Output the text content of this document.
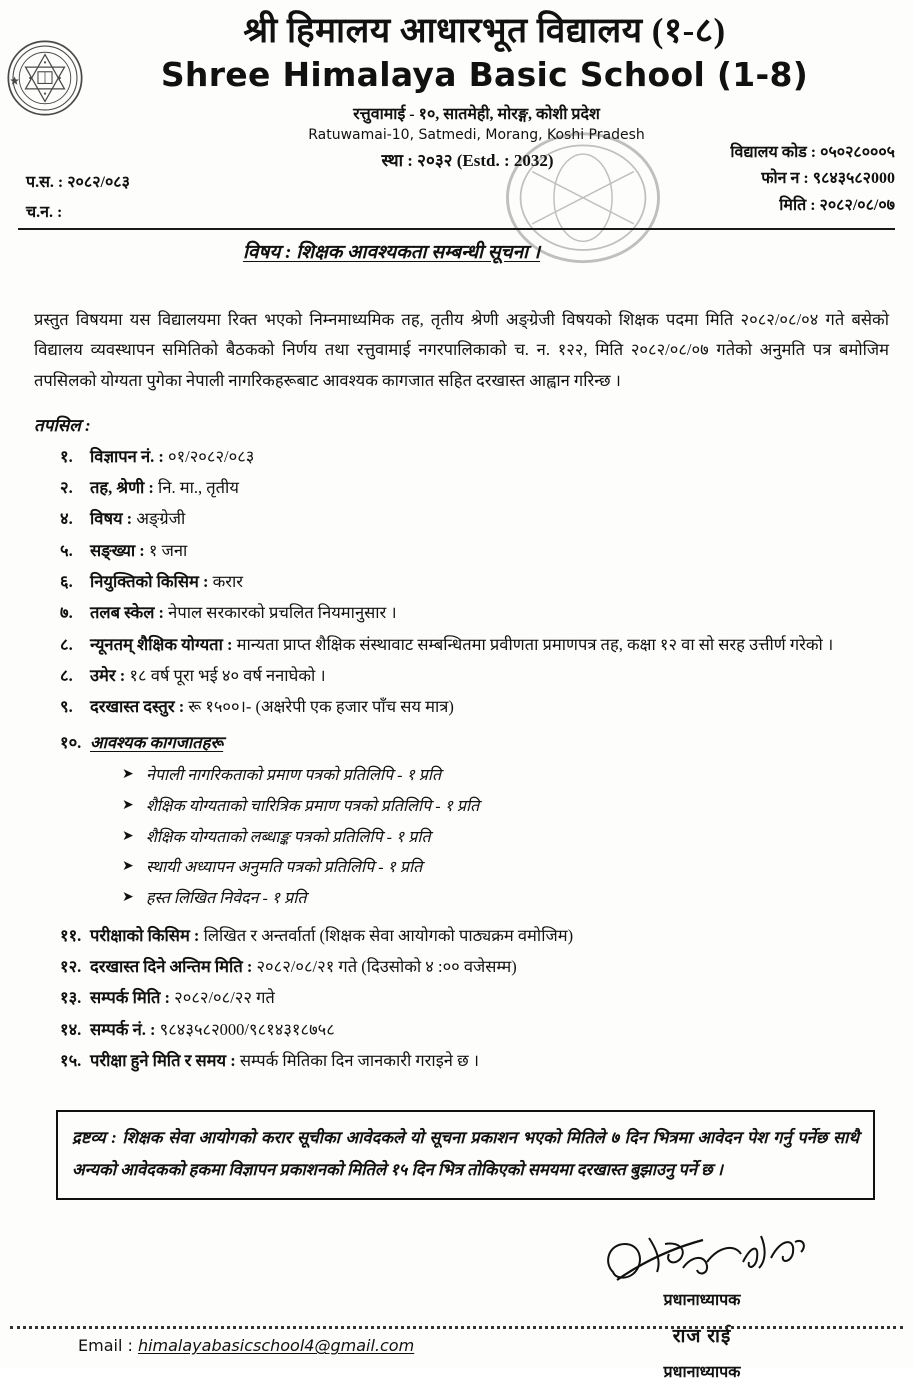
श्री हिमालय आधारभूत विद्यालय (१-८)
Shree Himalaya Basic School (1-8)
रत्तुवामाई - १०, सातमेही, मोरङ्ग, कोशी प्रदेश
Ratuwamai-10, Satmedi, Morang, Koshi Pradesh
स्था : २०३२ (Estd. : 2032)	विद्यालय कोड : ०५०२८०००५
फोन न : ९८४३५८२000
मिति : २०८२/०८/०७
प.स. : २०८२/०८३
च.न. :
विषय : शिक्षक आवश्यकता सम्बन्धी सूचना ।

प्रस्तुत विषयमा यस विद्यालयमा रिक्त भएको निम्नमाध्यमिक तह, तृतीय श्रेणी अङ्ग्रेजी विषयको शिक्षक पदमा मिति २०८२/०८/०४ गते बसेको विद्यालय व्यवस्थापन समितिको बैठकको निर्णय तथा रत्तुवामाई नगरपालिकाको च. न. १२२, मिति २०८२/०८/०७ गतेको अनुमति पत्र बमोजिम तपसिलको योग्यता पुगेका नेपाली नागरिकहरूबाट आवश्यक कागजात सहित दरखास्त आह्वान गरिन्छ ।

तपसिल :
१.	विज्ञापन नं. : ०१/२०८२/०८३
२.	तह, श्रेणी : नि. मा., तृतीय
४.	विषय : अङ्ग्रेजी
५.	सङ्ख्या : १ जना
६.	नियुक्तिको किसिम : करार
७.	तलब स्केल : नेपाल सरकारको प्रचलित नियमानुसार ।
८.	न्यूनतम् शैक्षिक योग्यता : मान्यता प्राप्त शैक्षिक संस्थावाट सम्बन्धितमा प्रवीणता प्रमाणपत्र तह, कक्षा १२ वा सो सरह उत्तीर्ण गरेको ।
८.	उमेर : १८ वर्ष पूरा भई ४० वर्ष ननाघेको ।
९.	दरखास्त दस्तुर : रू १५००।- (अक्षरेपी एक हजार पाँच सय मात्र)
१०. आवश्यक कागजातहरू
➤ नेपाली नागरिकताको प्रमाण पत्रको प्रतिलिपि - १ प्रति
➤ शैक्षिक योग्यताको चारित्रिक प्रमाण पत्रको प्रतिलिपि - १ प्रति
➤ शैक्षिक योग्यताको लब्धाङ्क पत्रको प्रतिलिपि - १ प्रति
➤ स्थायी अध्यापन अनुमति पत्रको प्रतिलिपि - १ प्रति
➤ हस्त लिखित निवेदन - १ प्रति
११. परीक्षाको किसिम : लिखित र अन्तर्वार्ता (शिक्षक सेवा आयोगको पाठ्यक्रम वमोजिम)
१२. दरखास्त दिने अन्तिम मिति : २०८२/०८/२१ गते (दिउसोको ४ :०० वजेसम्म)
१३. सम्पर्क मिति : २०८२/०८/२२ गते
१४. सम्पर्क नं. : ९८४३५८२000/९८१४३१८७५८
१५. परीक्षा हुने मिति र समय : सम्पर्क मितिका दिन जानकारी गराइने छ ।

द्रष्टव्य : शिक्षक सेवा आयोगको करार सूचीका आवेदकले यो सूचना प्रकाशन भएको मितिले ७ दिन भित्रमा आवेदन पेश गर्नु पर्नेछ साथै अन्यको आवेदकको हकमा विज्ञापन प्रकाशनको मितिले १५ दिन भित्र तोकिएको समयमा दरखास्त बुझाउनु पर्ने छ ।

प्रधानाध्यापक
राज राई
प्रधानाध्यापक
Email : himalayabasicschool4@gmail.com
